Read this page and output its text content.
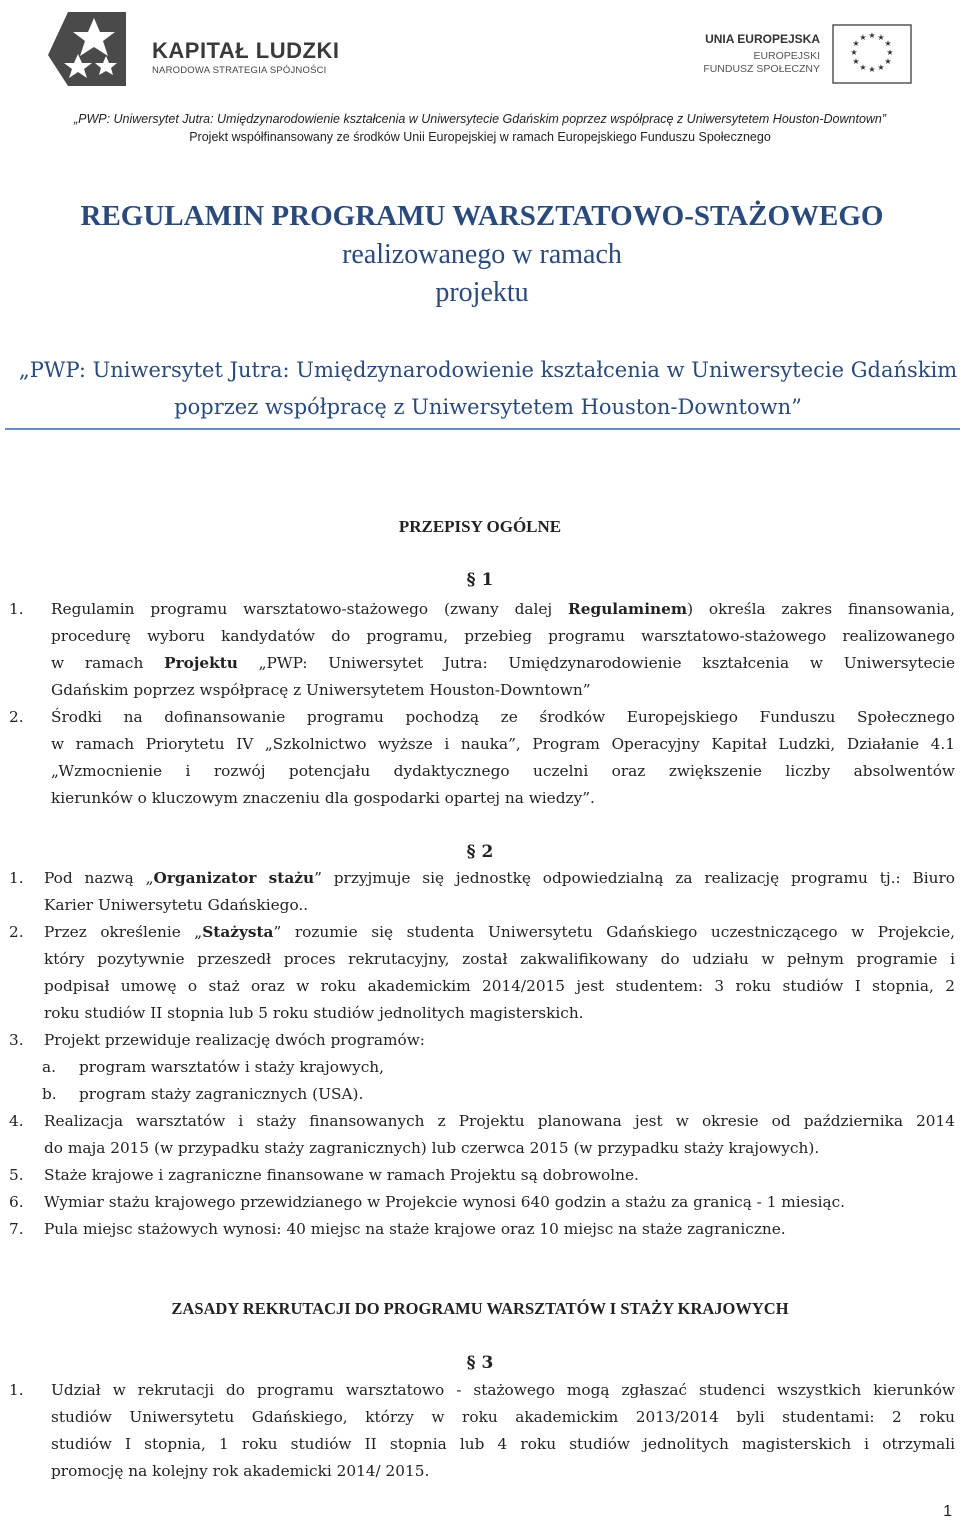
KAPITAŁ LUDZKI
NARODOWA STRATEGIA SPÓJNOŚCI
UNIA EUROPEJSKA
EUROPEJSKI
FUNDUSZ SPOŁECZNY
★ ★
★
★
★
★
★
★
★
★
★
★
„PWP: Uniwersytet Jutra: Umiędzynarodowienie kształcenia w Uniwersytecie Gdańskim poprzez współpracę z Uniwersytetem Houston-Downtown”
Projekt współfinansowany ze środków Unii Europejskiej w ramach Europejskiego Funduszu Społecznego
REGULAMIN PROGRAMU WARSZTATOWO-STAŻOWEGO
realizowanego w ramach
projektu
„PWP: Uniwersytet Jutra: Umiędzynarodowienie kształcenia w Uniwersytecie Gdańskim
poprzez współpracę z Uniwersytetem Houston-Downtown”
PRZEPISY OGÓLNE
§ 1
1. Regulamin programu warsztatowo-stażowego (zwany dalej Regulaminem) określa zakres finansowania,
procedurę wyboru kandydatów do programu, przebieg programu warsztatowo-stażowego realizowanego
w ramach Projektu „PWP: Uniwersytet Jutra: Umiędzynarodowienie kształcenia w Uniwersytecie
Gdańskim poprzez współpracę z Uniwersytetem Houston-Downtown”
2. Środki na dofinansowanie programu pochodzą ze środków Europejskiego Funduszu Społecznego
w ramach Priorytetu IV „Szkolnictwo wyższe i nauka”, Program Operacyjny Kapitał Ludzki, Działanie 4.1
„Wzmocnienie i rozwój potencjału dydaktycznego uczelni oraz zwiększenie liczby absolwentów
kierunków o kluczowym znaczeniu dla gospodarki opartej na wiedzy”.
§ 2
1. Pod nazwą „Organizator stażu” przyjmuje się jednostkę odpowiedzialną za realizację programu tj.: Biuro
Karier Uniwersytetu Gdańskiego..
2. Przez określenie „Stażysta” rozumie się studenta Uniwersytetu Gdańskiego uczestniczącego w Projekcie,
który pozytywnie przeszedł proces rekrutacyjny, został zakwalifikowany do udziału w pełnym programie i
podpisał umowę o staż oraz w roku akademickim 2014/2015 jest studentem: 3 roku studiów I stopnia, 2
roku studiów II stopnia lub 5 roku studiów jednolitych magisterskich.
3. Projekt przewiduje realizację dwóch programów:
a. program warsztatów i staży krajowych,
b. program staży zagranicznych (USA).
4. Realizacja warsztatów i staży finansowanych z Projektu planowana jest w okresie od października 2014
do maja 2015 (w przypadku staży zagranicznych) lub czerwca 2015 (w przypadku staży krajowych).
5. Staże krajowe i zagraniczne finansowane w ramach Projektu są dobrowolne.
6. Wymiar stażu krajowego przewidzianego w Projekcie wynosi 640 godzin a stażu za granicą - 1 miesiąc.
7. Pula miejsc stażowych wynosi: 40 miejsc na staże krajowe oraz 10 miejsc na staże zagraniczne.
ZASADY REKRUTACJI DO PROGRAMU WARSZTATÓW I STAŻY KRAJOWYCH
§ 3
1. Udział w rekrutacji do programu warsztatowo - stażowego mogą zgłaszać studenci wszystkich kierunków
studiów Uniwersytetu Gdańskiego, którzy w roku akademickim 2013/2014 byli studentami: 2 roku
studiów I stopnia, 1 roku studiów II stopnia lub 4 roku studiów jednolitych magisterskich i otrzymali
promocję na kolejny rok akademicki 2014/ 2015.
1
